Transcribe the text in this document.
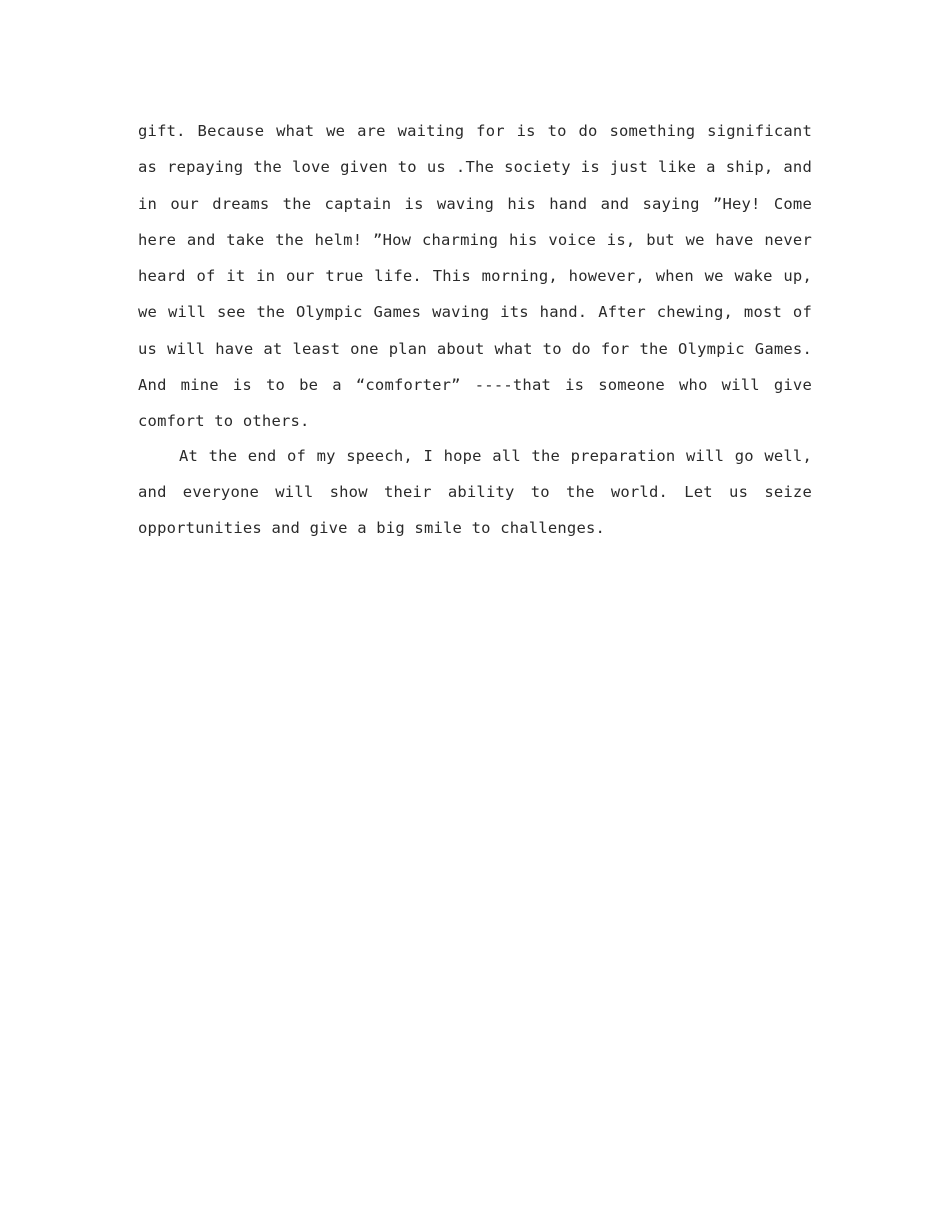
gift. Because what we are waiting for is to do something significant as repaying the love given to us .The society is just like a ship, and in our dreams the captain is waving his hand and saying ”Hey! Come here and take the helm! ”How charming his voice is, but we have never heard of it in our true life. This morning, however, when we wake up, we will see the Olympic Games waving its hand. After chewing, most of us will have at least one plan about what to do for the Olympic Games. And mine is to be a “comforter” ----that is someone who will give comfort to others.

At the end of my speech, I hope all the preparation will go well, and everyone will show their ability to the world. Let us seize opportunities and give a big smile to challenges.
